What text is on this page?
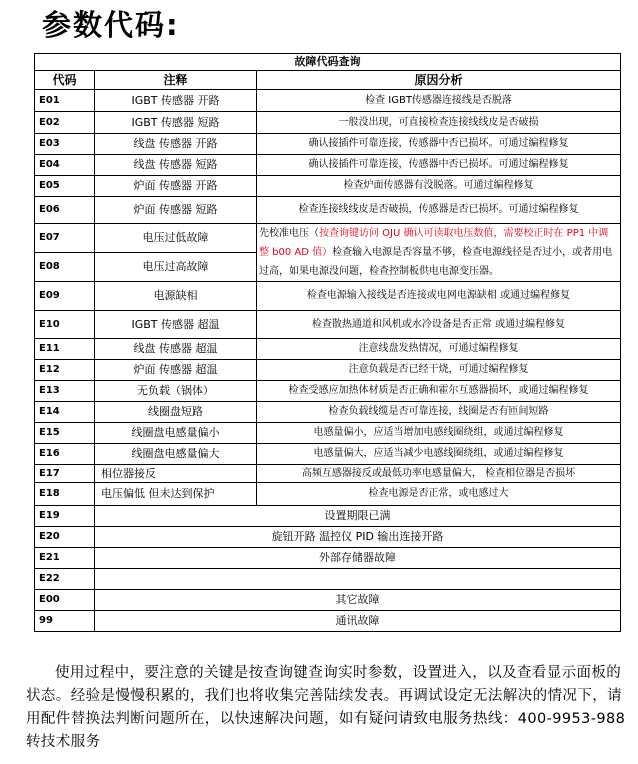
参数代码:
故障代码查询		
代码	注释	原因分析
E01	IGBT 传感器 开路	检查 IGBT传感器连接线是否脱落
E02	IGBT 传感器 短路	一般没出现，可直接检查连接线线皮是否破损
E03	线盘 传感器 开路	确认接插件可靠连接，传感器中否已损坏。可通过编程修复
E04	线盘 传感器 短路	确认接插件可靠连接，传感器中否已损坏。可通过编程修复
E05	炉面 传感器 开路	检查炉面传感器有没脱落。可通过编程修复
E06	炉面 传感器 短路	检查连接线线皮是否破损，传感器是否已损坏。可通过编程修复
E07	电压过低故障	先校准电压（按查询键访问 OJU 确认可读取电压数值，需要校正时在 PP1 中调整 b00 AD 值）检查输入电源是否容量不够，检查电源线径是否过小，或者用电过高，如果电源没问题，检查控制板供电电源变压器。
E08	电压过高故障	
E09	电源缺相	检查电源输入接线是否连接或电网电源缺相 或通过编程修复
E10	IGBT 传感器 超温	检查散热通道和风机或水冷设备是否正常 或通过编程修复
E11	线盘 传感器 超温	注意线盘发热情况，可通过编程修复
E12	炉面 传感器 超温	注意负载是否已经干烧，可通过编程修复
E13	无负载（锅体）	检查受感应加热体材质是否正确和霍尔互感器损坏，或通过编程修复
E14	线圈盘短路	检查负载线缆是否可靠连接，线圈是否有匝间短路
E15	线圈盘电感量偏小	电感量偏小，应适当增加电感线圈绕组，或通过编程修复
E16	线圈盘电感量偏大	电感量偏大，应适当减少电感线圈绕组，或通过编程修复
E17	相位器接反	高频互感器接反或最低功率电感量偏大， 检查相位器是否损坏
E18	电压偏低 但未达到保护	检查电源是否正常，或电感过大
E19	设置期限已满	
E20	旋钮开路 温控仪 PID 输出连接开路	
E21	外部存储器故障	
E22		
E00	其它故障	
99	通讯故障	

使用过程中，要注意的关键是按查询键查询实时参数，设置进入，以及查看显示面板的状态。经验是慢慢积累的，我们也将收集完善陆续发表。再调试设定无法解决的情况下，请用配件替换法判断问题所在，以快速解决问题，如有疑问请致电服务热线：400-9953-988 转技术服务
